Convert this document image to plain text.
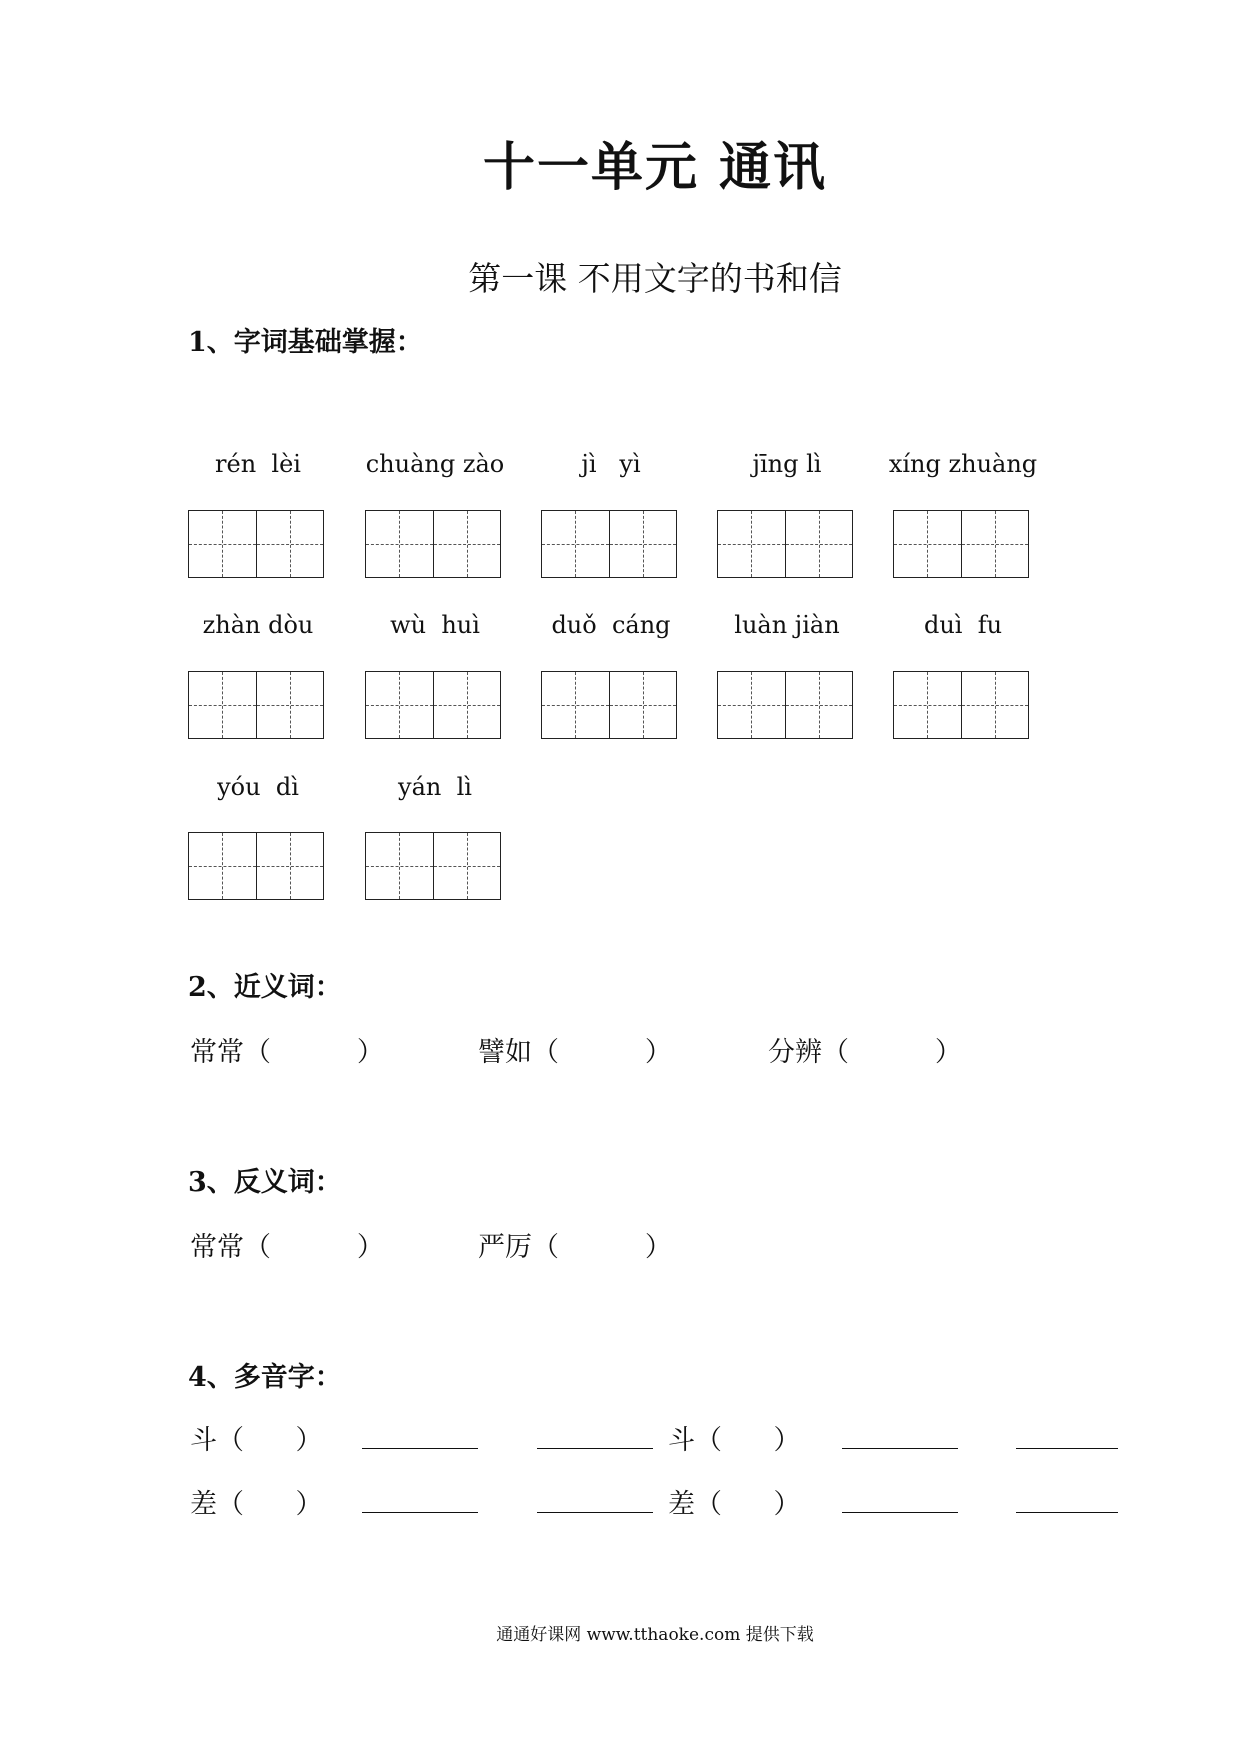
十一单元 通讯
第一课 不用文字的书和信
1、字词基础掌握：
rén  lèi	chuàng zào	jì   yì	jīng lì	xíng zhuàng
zhàn dòu	wù  huì	duǒ  cáng	luàn jiàn	duì  fu
yóu  dì	yán  lì
2、近义词：
常常（          ）	譬如（          ）	分辨（          ）
3、反义词：
常常（          ）	严厉（          ）
4、多音字：
斗（      ）	斗（      ）
差（      ）	差（      ）
通通好课网 www.tthaoke.com 提供下载
